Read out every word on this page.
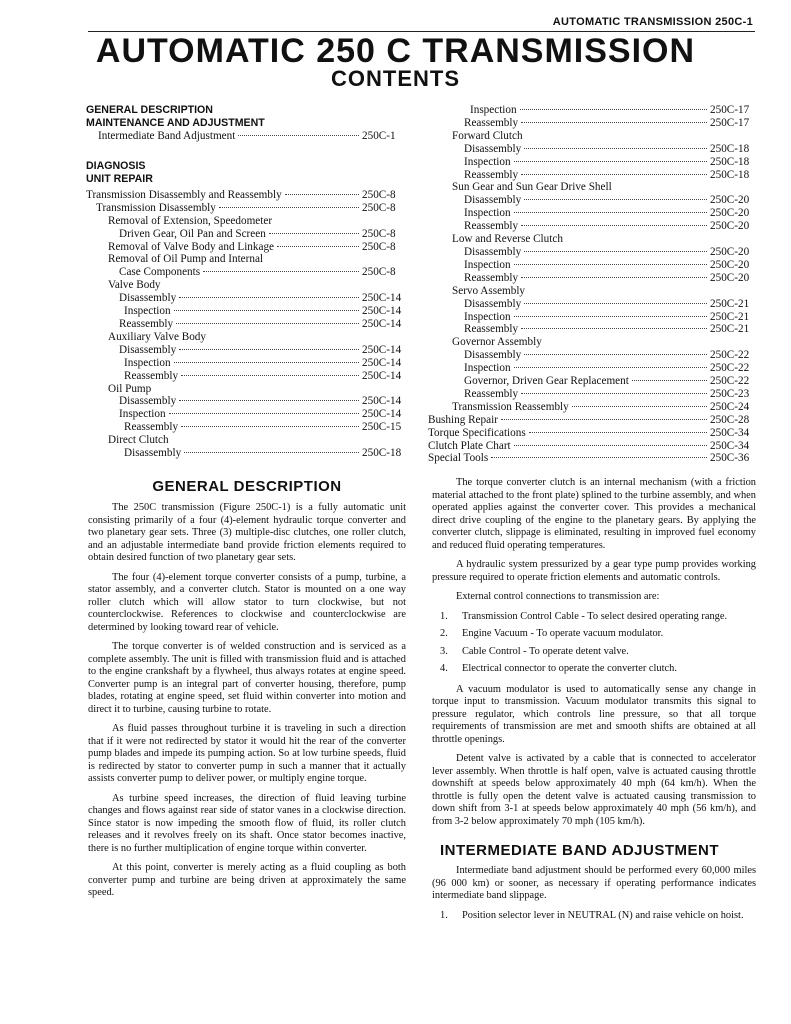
AUTOMATIC TRANSMISSION 250C-1
AUTOMATIC 250 C TRANSMISSION
CONTENTS
GENERAL DESCRIPTION
MAINTENANCE AND ADJUSTMENT
Intermediate Band Adjustment	250C-1
DIAGNOSIS
UNIT REPAIR
Transmission Disassembly and Reassembly	250C-8
Transmission Disassembly	250C-8
Removal of Extension, Speedometer
Driven Gear, Oil Pan and Screen	250C-8
Removal of Valve Body and Linkage	250C-8
Removal of Oil Pump and Internal
Case Components	250C-8
Valve Body
Disassembly	250C-14
Inspection	250C-14
Reassembly	250C-14
Auxiliary Valve Body
Disassembly	250C-14
Inspection	250C-14
Reassembly	250C-14
Oil Pump
Disassembly	250C-14
Inspection	250C-14
Reassembly	250C-15
Direct Clutch
Disassembly	250C-18
Inspection	250C-17
Reassembly	250C-17
Forward Clutch
Disassembly	250C-18
Inspection	250C-18
Reassembly	250C-18
Sun Gear and Sun Gear Drive Shell
Disassembly	250C-20
Inspection	250C-20
Reassembly	250C-20
Low and Reverse Clutch
Disassembly	250C-20
Inspection	250C-20
Reassembly	250C-20
Servo Assembly
Disassembly	250C-21
Inspection	250C-21
Reassembly	250C-21
Governor Assembly
Disassembly	250C-22
Inspection	250C-22
Governor, Driven Gear Replacement	250C-22
Reassembly	250C-23
Transmission Reassembly	250C-24
Bushing Repair	250C-28
Torque Specifications	250C-34
Clutch Plate Chart	250C-34
Special Tools	250C-36
GENERAL DESCRIPTION

The 250C transmission (Figure 250C-1) is a fully automatic unit consisting primarily of a four (4)-element hydraulic torque converter and two planetary gear sets. Three (3) multiple-disc clutches, one roller clutch, and an adjustable intermediate band provide friction elements required to obtain desired function of two planetary gear sets.

The four (4)-element torque converter consists of a pump, turbine, a stator assembly, and a converter clutch. Stator is mounted on a one way roller clutch which will allow stator to turn clockwise, but not counterclockwise. References to clockwise and counterclockwise are determined by looking toward rear of vehicle.

The torque converter is of welded construction and is serviced as a complete assembly. The unit is filled with transmission fluid and is attached to the engine crankshaft by a flywheel, thus always rotates at engine speed. Converter pump is an integral part of converter housing, therefore, pump blades, rotating at engine speed, set fluid within converter into motion and direct it to turbine, causing turbine to rotate.

As fluid passes throughout turbine it is traveling in such a direction that if it were not redirected by stator it would hit the rear of the converter pump blades and impede its pumping action. So at low turbine speeds, fluid is redirected by stator to converter pump in such a manner that it actually assists converter pump to deliver power, or multiply engine torque.

As turbine speed increases, the direction of fluid leaving turbine changes and flows against rear side of stator vanes in a clockwise direction. Since stator is now impeding the smooth flow of fluid, its roller clutch releases and it revolves freely on its shaft. Once stator becomes inactive, there is no further multiplication of engine torque within converter.

At this point, converter is merely acting as a fluid coupling as both converter pump and turbine are being driven at approximately the same speed.

The torque converter clutch is an internal mechanism (with a friction material attached to the front plate) splined to the turbine assembly, and when operated applies against the converter cover. This provides a mechanical direct drive coupling of the engine to the planetary gears. By applying the converter clutch, slippage is eliminated, resulting in improved fuel economy and reduced fluid operating temperatures.

A hydraulic system pressurized by a gear type pump provides working pressure required to operate friction elements and automatic controls.

External control connections to transmission are:

1.	Transmission Control Cable - To select desired operating range.
2.	Engine Vacuum - To operate vacuum modulator.
3.	Cable Control - To operate detent valve.
4.	Electrical connector to operate the converter clutch.

A vacuum modulator is used to automatically sense any change in torque input to transmission. Vacuum modulator transmits this signal to pressure regulator, which controls line pressure, so that all torque requirements of transmission are met and smooth shifts are obtained at all throttle openings.

Detent valve is activated by a cable that is connected to accelerator lever assembly. When throttle is half open, valve is actuated causing throttle downshift at speeds below approximately 40 mph (64 km/h). When the throttle is fully open the detent valve is actuated causing transmission to down shift from 3-1 at speeds below approximately 40 mph (56 km/h), and from 3-2 below approximately 70 mph (105 km/h).

INTERMEDIATE BAND ADJUSTMENT

Intermediate band adjustment should be performed every 60,000 miles (96 000 km) or sooner, as necessary if operating performance indicates intermediate band slippage.

1.	Position selector lever in NEUTRAL (N) and raise vehicle on hoist.
